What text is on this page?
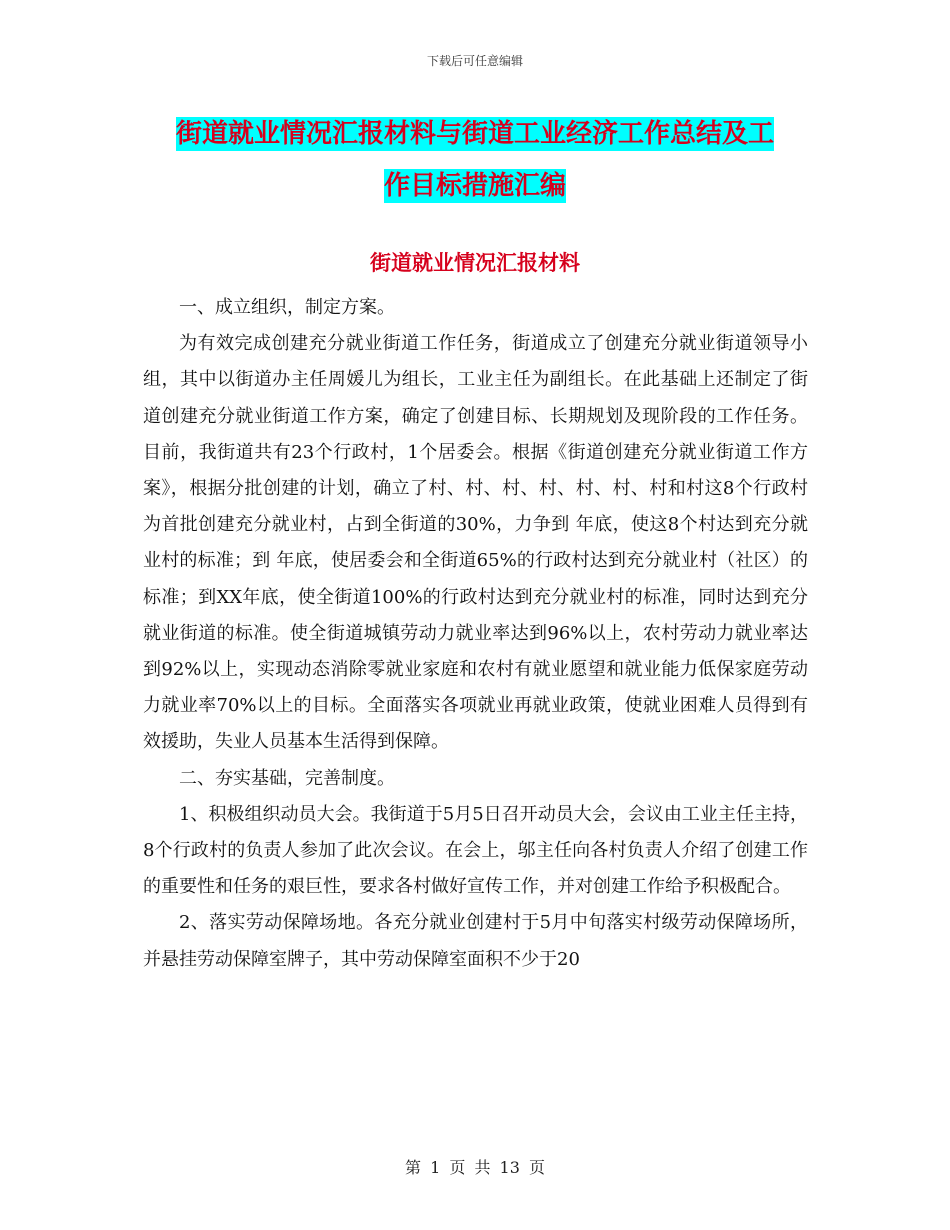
下载后可任意编辑
街道就业情况汇报材料与街道工业经济工作总结及工
作目标措施汇编
街道就业情况汇报材料

一、成立组织，制定方案。

为有效完成创建充分就业街道工作任务，街道成立了创建充分就业街道领导小组，其中以街道办主任周媛儿为组长，工业主任为副组长。在此基础上还制定了街道创建充分就业街道工作方案，确定了创建目标、长期规划及现阶段的工作任务。目前，我街道共有23个行政村，1个居委会。根据《街道创建充分就业街道工作方案》，根据分批创建的计划，确立了村、村、村、村、村、村、村和村这8个行政村为首批创建充分就业村，占到全街道的30%，力争到 年底，使这8个村达到充分就业村的标准；到 年底，使居委会和全街道65%的行政村达到充分就业村（社区）的标准；到XX年底，使全街道100%的行政村达到充分就业村的标准，同时达到充分就业街道的标准。使全街道城镇劳动力就业率达到96%以上，农村劳动力就业率达到92%以上，实现动态消除零就业家庭和农村有就业愿望和就业能力低保家庭劳动力就业率70%以上的目标。全面落实各项就业再就业政策，使就业困难人员得到有效援助，失业人员基本生活得到保障。

二、夯实基础，完善制度。

1、积极组织动员大会。我街道于5月5日召开动员大会，会议由工业主任主持，8个行政村的负责人参加了此次会议。在会上，邬主任向各村负责人介绍了创建工作的重要性和任务的艰巨性，要求各村做好宣传工作，并对创建工作给予积极配合。

2、落实劳动保障场地。各充分就业创建村于5月中旬落实村级劳动保障场所，并悬挂劳动保障室牌子，其中劳动保障室面积不少于20

第 1 页 共 13 页
